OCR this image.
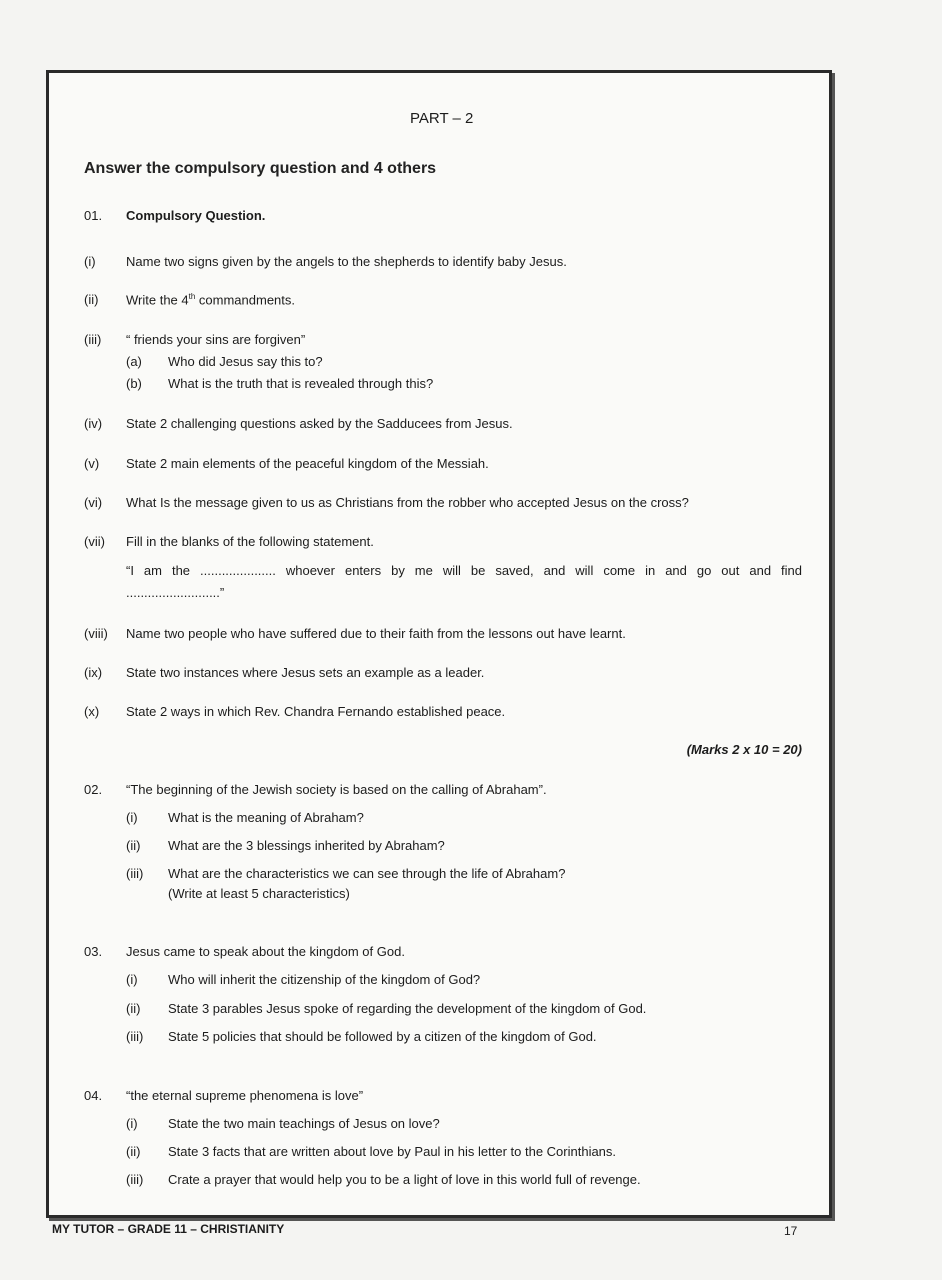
PART – 2
Answer the compulsory question and 4 others
01. Compulsory Question.
(i) Name two signs given by the angels to the shepherds to identify baby Jesus.
(ii) Write the 4th commandments.
(iii) “ friends your sins are forgiven”
(a) Who did Jesus say this to?
(b) What is the truth that is revealed through this?
(iv) State 2 challenging questions asked by the Sadducees from Jesus.
(v) State 2 main elements of the peaceful kingdom of the Messiah.
(vi) What Is the message given to us as Christians from the robber who accepted Jesus on the cross?
(vii) Fill in the blanks of the following statement.
“I am the ..................... whoever enters by me will be saved, and will come in and go out and find
..........................”
(viii) Name two people who have suffered due to their faith from the lessons out have learnt.
(ix) State two instances where Jesus sets an example as a leader.
(x) State 2 ways in which Rev. Chandra Fernando established peace.
(Marks 2 x 10 = 20)
02. “The beginning of the Jewish society is based on the calling of Abraham”.
(i) What is the meaning of Abraham?
(ii) What are the 3 blessings inherited by Abraham?
(iii) What are the characteristics we can see through the life of Abraham?
(Write at least 5 characteristics)
03. Jesus came to speak about the kingdom of God.
(i) Who will inherit the citizenship of the kingdom of God?
(ii) State 3 parables Jesus spoke of regarding the development of the kingdom of God.
(iii) State 5 policies that should be followed by a citizen of the kingdom of God.
04. “the eternal supreme phenomena is love”
(i) State the two main teachings of Jesus on love?
(ii) State 3 facts that are written about love by Paul in his letter to the Corinthians.
(iii) Crate a prayer that would help you to be a light of love in this world full of revenge.
MY TUTOR – GRADE 11 – CHRISTIANITY	17
